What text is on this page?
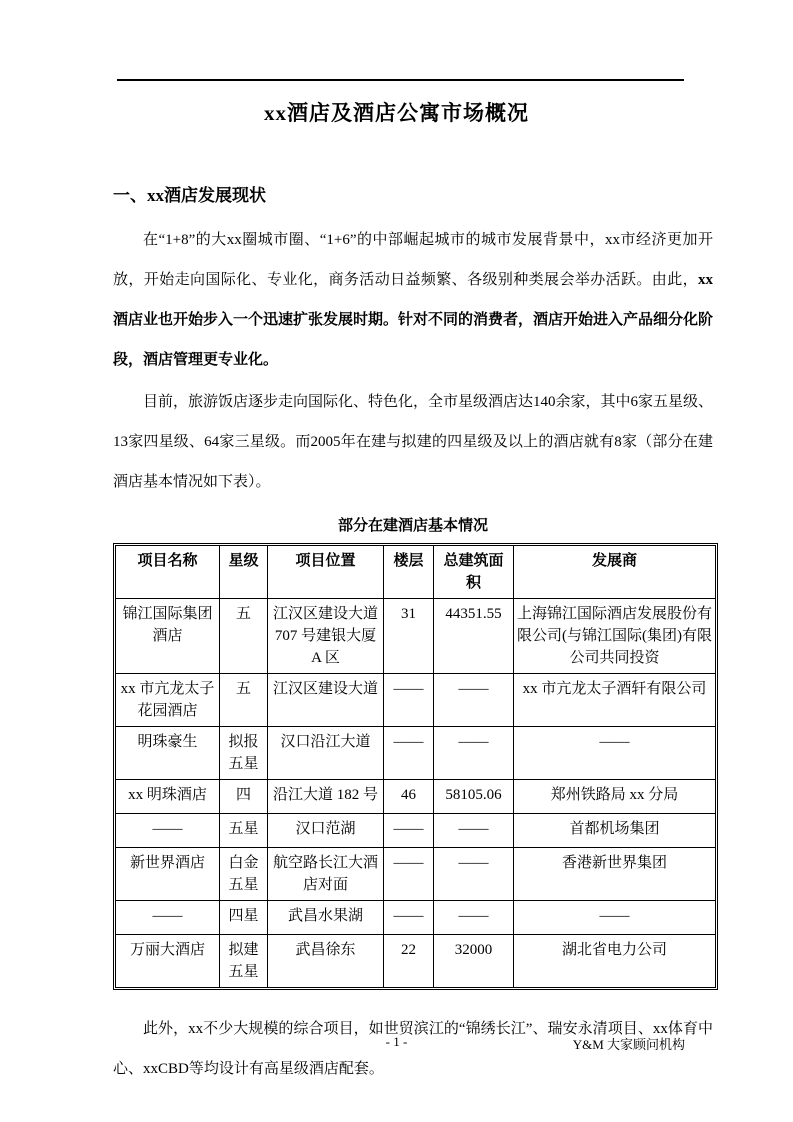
xx酒店及酒店公寓市场概况
一、xx酒店发展现状

在“1+8”的大xx圈城市圈、“1+6”的中部崛起城市的城市发展背景中，xx市经济更加开放，开始走向国际化、专业化，商务活动日益频繁、各级别种类展会举办活跃。由此，xx酒店业也开始步入一个迅速扩张发展时期。针对不同的消费者，酒店开始进入产品细分化阶段，酒店管理更专业化。

目前，旅游饭店逐步走向国际化、特色化，全市星级酒店达140余家，其中6家五星级、13家四星级、64家三星级。而2005年在建与拟建的四星级及以上的酒店就有8家（部分在建酒店基本情况如下表）。

部分在建酒店基本情况

项目名称	星级	项目位置	楼层	总建筑面积	发展商
锦江国际集团酒店	五	江汉区建设大道707 号建银大厦A 区	31	44351.55	上海锦江国际酒店发展股份有限公司(与锦江国际(集团)有限公司共同投资
xx 市亢龙太子花园酒店	五	江汉区建设大道	——	——	xx 市亢龙太子酒轩有限公司
明珠豪生	拟报五星	汉口沿江大道	——	——	——
xx 明珠酒店	四	沿江大道 182 号	46	58105.06	郑州铁路局 xx 分局
——	五星	汉口范湖	——	——	首都机场集团
新世界酒店	白金五星	航空路长江大酒店对面	——	——	香港新世界集团
——	四星	武昌水果湖	——	——	——
万丽大酒店	拟建五星	武昌徐东	22	32000	湖北省电力公司

此外，xx不少大规模的综合项目，如世贸滨江的“锦绣长江”、瑞安永清项目、xx体育中心、xxCBD等均设计有高星级酒店配套。

- 1 -	Y&M 大家顾问机构
